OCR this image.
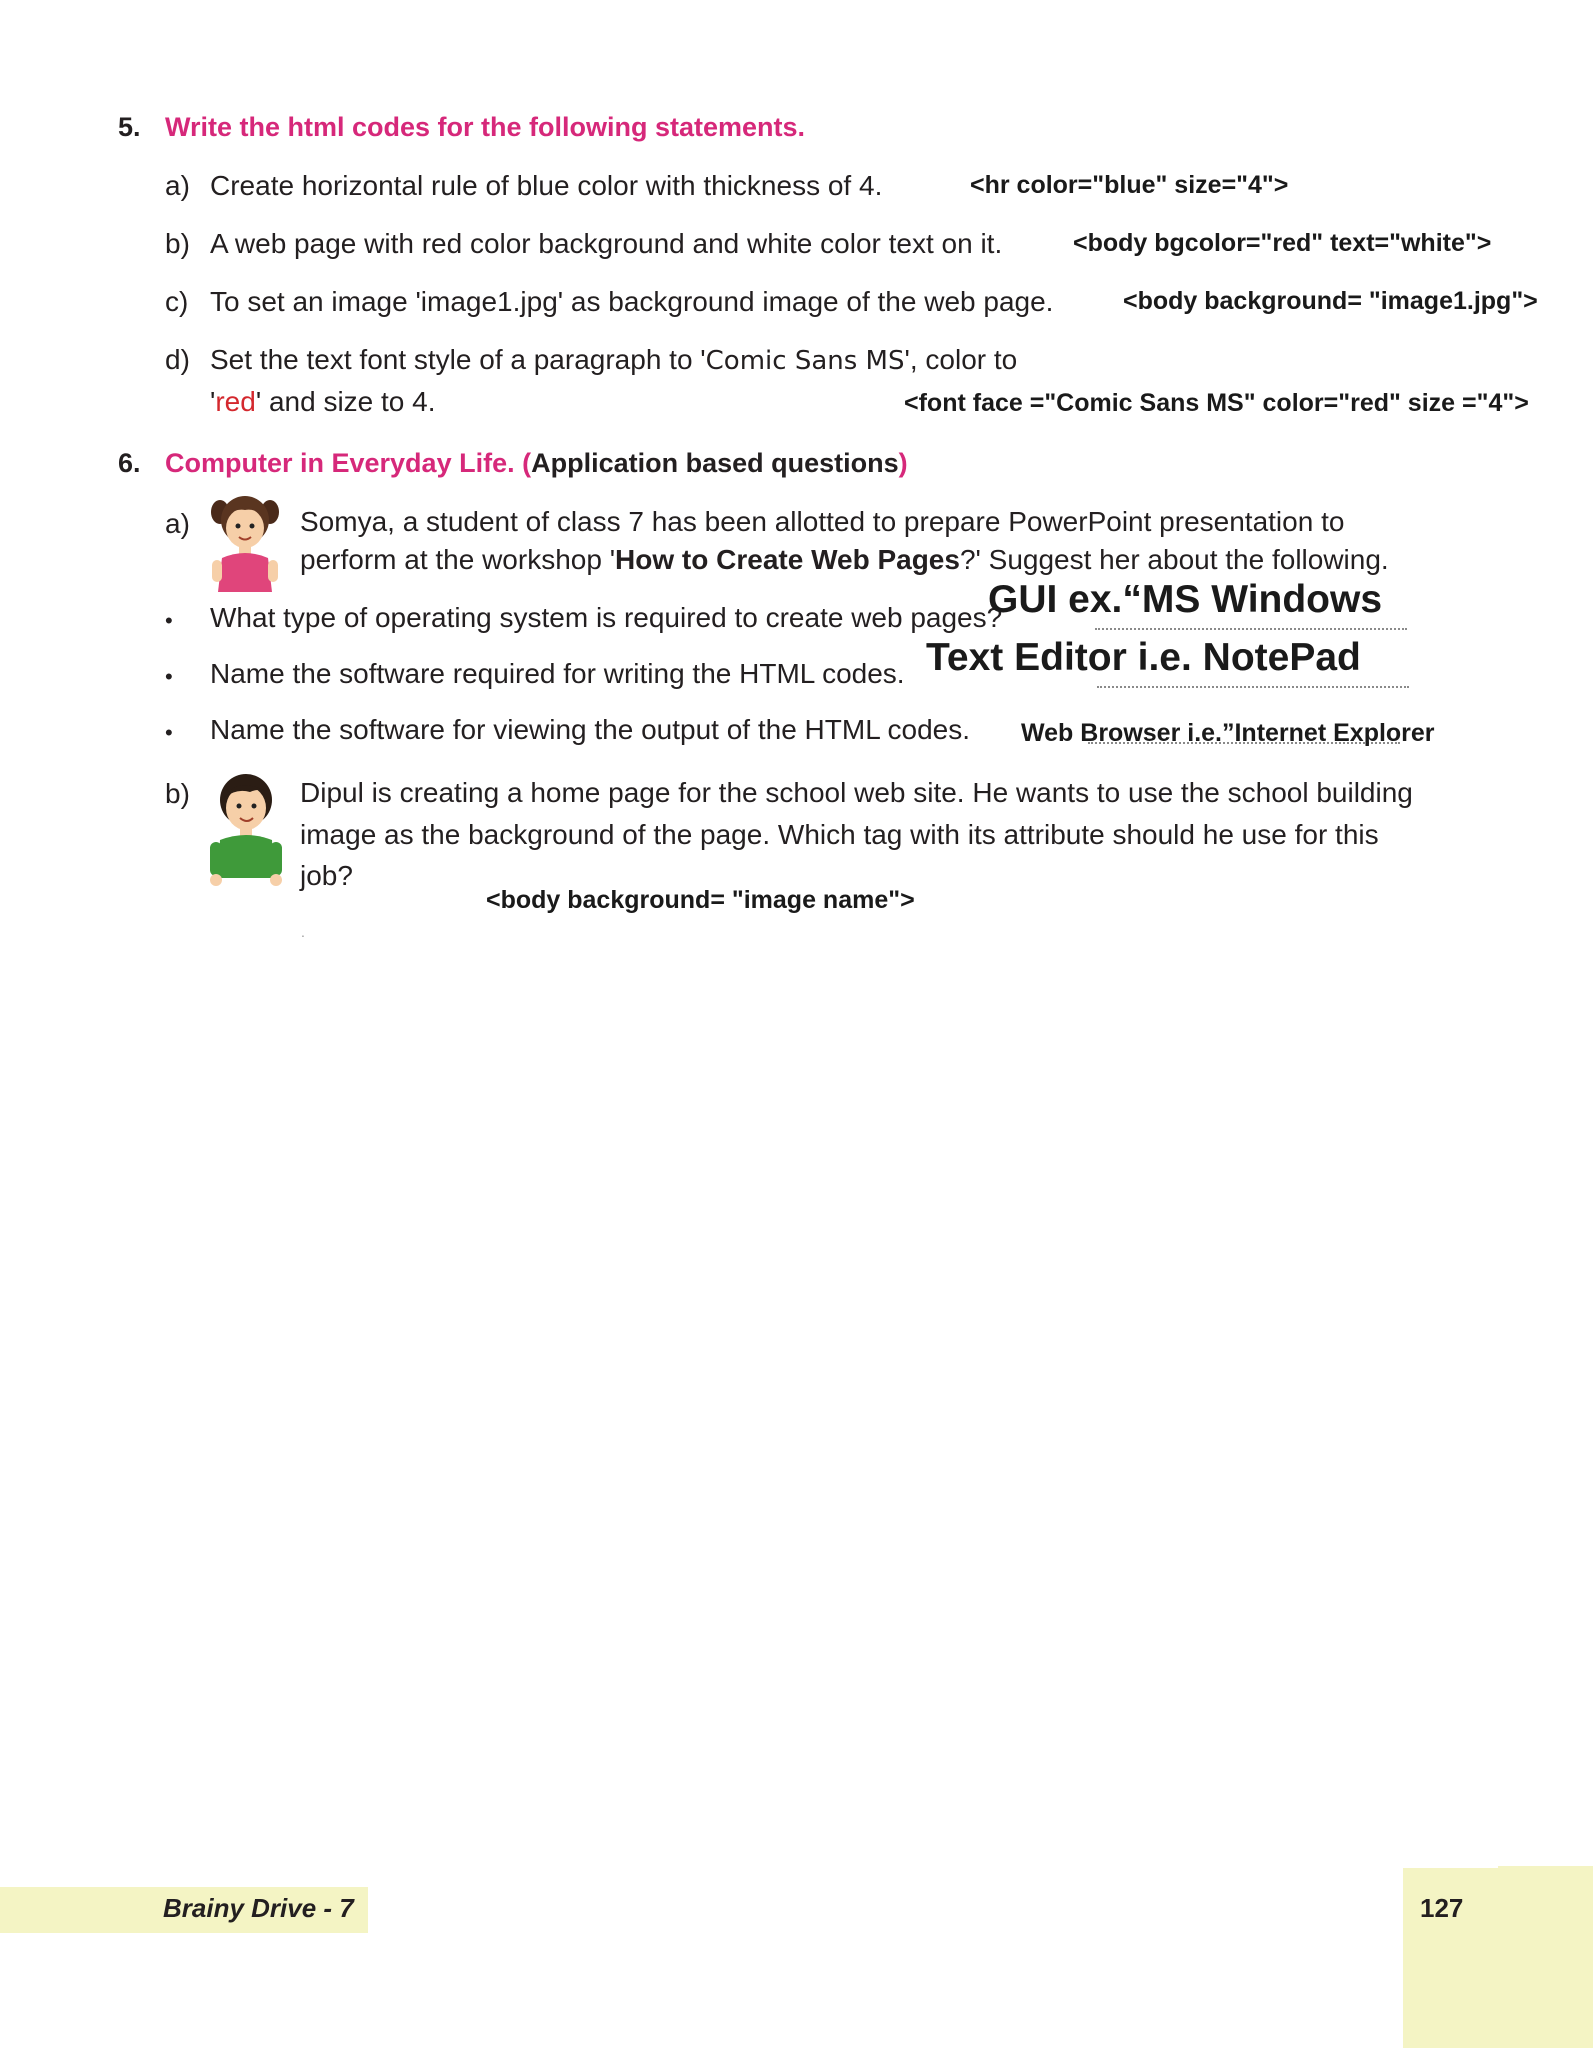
5. Write the html codes for the following statements.
a) Create horizontal rule of blue color with thickness of 4.	<hr color="blue" size="4">
b) A web page with red color background and white color text on it.	<body bgcolor="red" text="white">
c) To set an image 'image1.jpg' as background image of the web page.	<body background= "image1.jpg">
d) Set the text font style of a paragraph to 'Comic Sans MS', color to
'red' and size to 4.	<font face ="Comic Sans MS" color="red" size ="4">
6. Computer in Everyday Life. (Application based questions)
a)	Somya, a student of class 7 has been allotted to prepare PowerPoint presentation to
perform at the workshop 'How to Create Web Pages?' Suggest her about the following.
• What type of operating system is required to create web pages?
GUI ex.“MS Windows
• Name the software required for writing the HTML codes. Text Editor i.e. NotePad
• Name the software for viewing the output of the HTML codes. Web Browser i.e.”Internet Explorer
b)	Dipul is creating a home page for the school web site. He wants to use the school building
image as the background of the page. Which tag with its attribute should he use for this
job?
<body background= "image name">
.
Brainy Drive - 7	127
